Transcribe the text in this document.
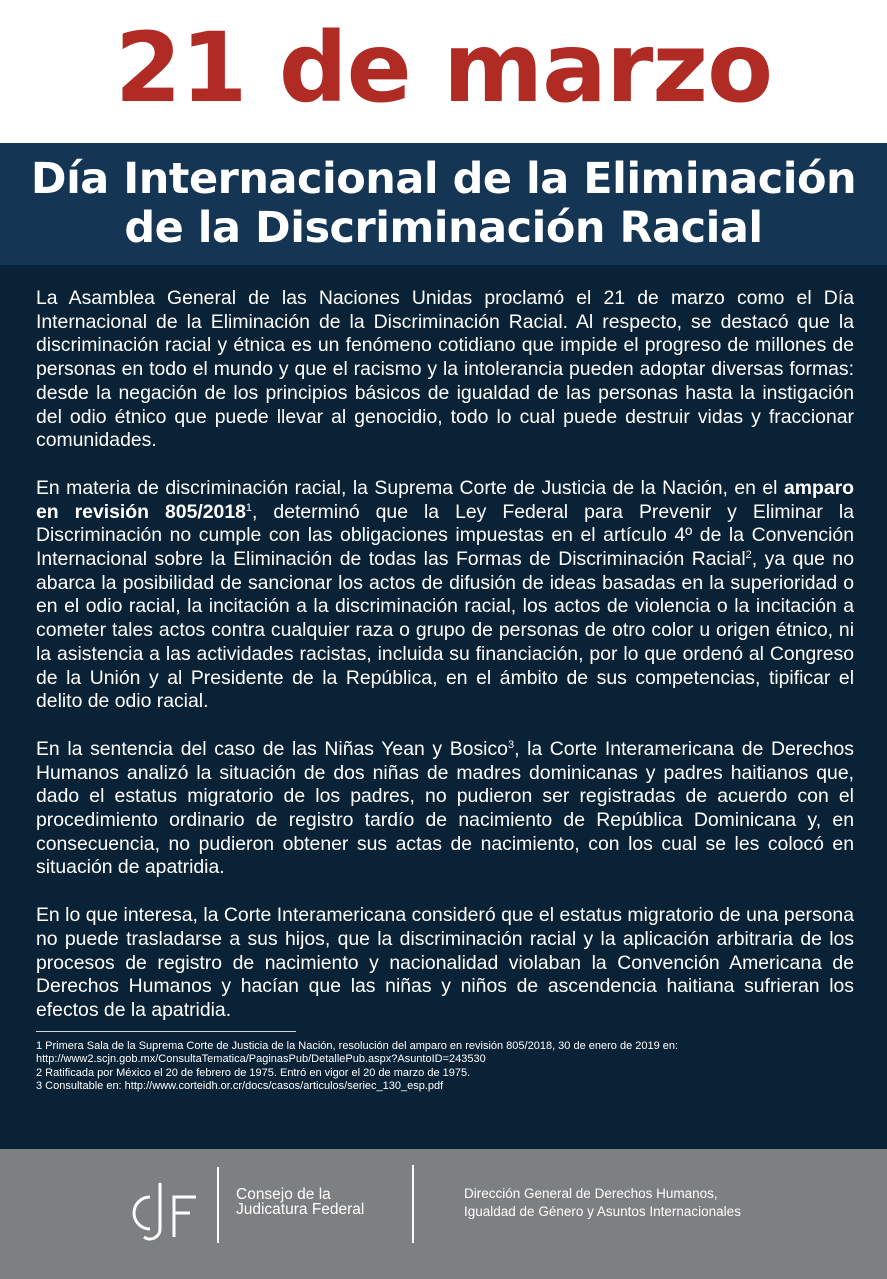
21 de marzo
Día Internacional de la Eliminación
de la Discriminación Racial

La Asamblea General de las Naciones Unidas proclamó el 21 de marzo como el Día Internacional de la Eliminación de la Discriminación Racial. Al respecto, se destacó que la discriminación racial y étnica es un fenómeno cotidiano que impide el progreso de millones de personas en todo el mundo y que el racismo y la intolerancia pueden adoptar diversas formas: desde la negación de los principios básicos de igualdad de las personas hasta la instigación del odio étnico que puede llevar al genocidio, todo lo cual puede destruir vidas y fraccionar comunidades.

En materia de discriminación racial, la Suprema Corte de Justicia de la Nación, en el amparo en revisión 805/2018$^1$, determinó que la Ley Federal para Prevenir y Eliminar la Discriminación no cumple con las obligaciones impuestas en el artículo 4º de la Convención Internacional sobre la Eliminación de todas las Formas de Discriminación Racial$^2$, ya que no abarca la posibilidad de sancionar los actos de difusión de ideas basadas en la superioridad o en el odio racial, la incitación a la discriminación racial, los actos de violencia o la incitación a cometer tales actos contra cualquier raza o grupo de personas de otro color u origen étnico, ni la asistencia a las actividades racistas, incluida su financiación, por lo que ordenó al Congreso de la Unión y al Presidente de la República, en el ámbito de sus competencias, tipificar el delito de odio racial.

En la sentencia del caso de las Niñas Yean y Bosico$^3$, la Corte Interamericana de Derechos Humanos analizó la situación de dos niñas de madres dominicanas y padres haitianos que, dado el estatus migratorio de los padres, no pudieron ser registradas de acuerdo con el procedimiento ordinario de registro tardío de nacimiento de República Dominicana y, en consecuencia, no pudieron obtener sus actas de nacimiento, con los cual se les colocó en situación de apatridia.

En lo que interesa, la Corte Interamericana consideró que el estatus migratorio de una persona no puede trasladarse a sus hijos, que la discriminación racial y la aplicación arbitraria de los procesos de registro de nacimiento y nacionalidad violaban la Convención Americana de Derechos Humanos y hacían que las niñas y niños de ascendencia haitiana sufrieran los efectos de la apatridia.

1 Primera Sala de la Suprema Corte de Justicia de la Nación, resolución del amparo en revisión 805/2018, 30 de enero de 2019 en:
http://www2.scjn.gob.mx/ConsultaTematica/PaginasPub/DetallePub.aspx?AsuntoID=243530
2 Ratificada por México el 20 de febrero de 1975. Entró en vigor el 20 de marzo de 1975.
3 Consultable en: http://www.corteidh.or.cr/docs/casos/articulos/seriec_130_esp.pdf
Consejo de la
Judicatura Federal
Dirección General de Derechos Humanos,
Igualdad de Género y Asuntos Internacionales
